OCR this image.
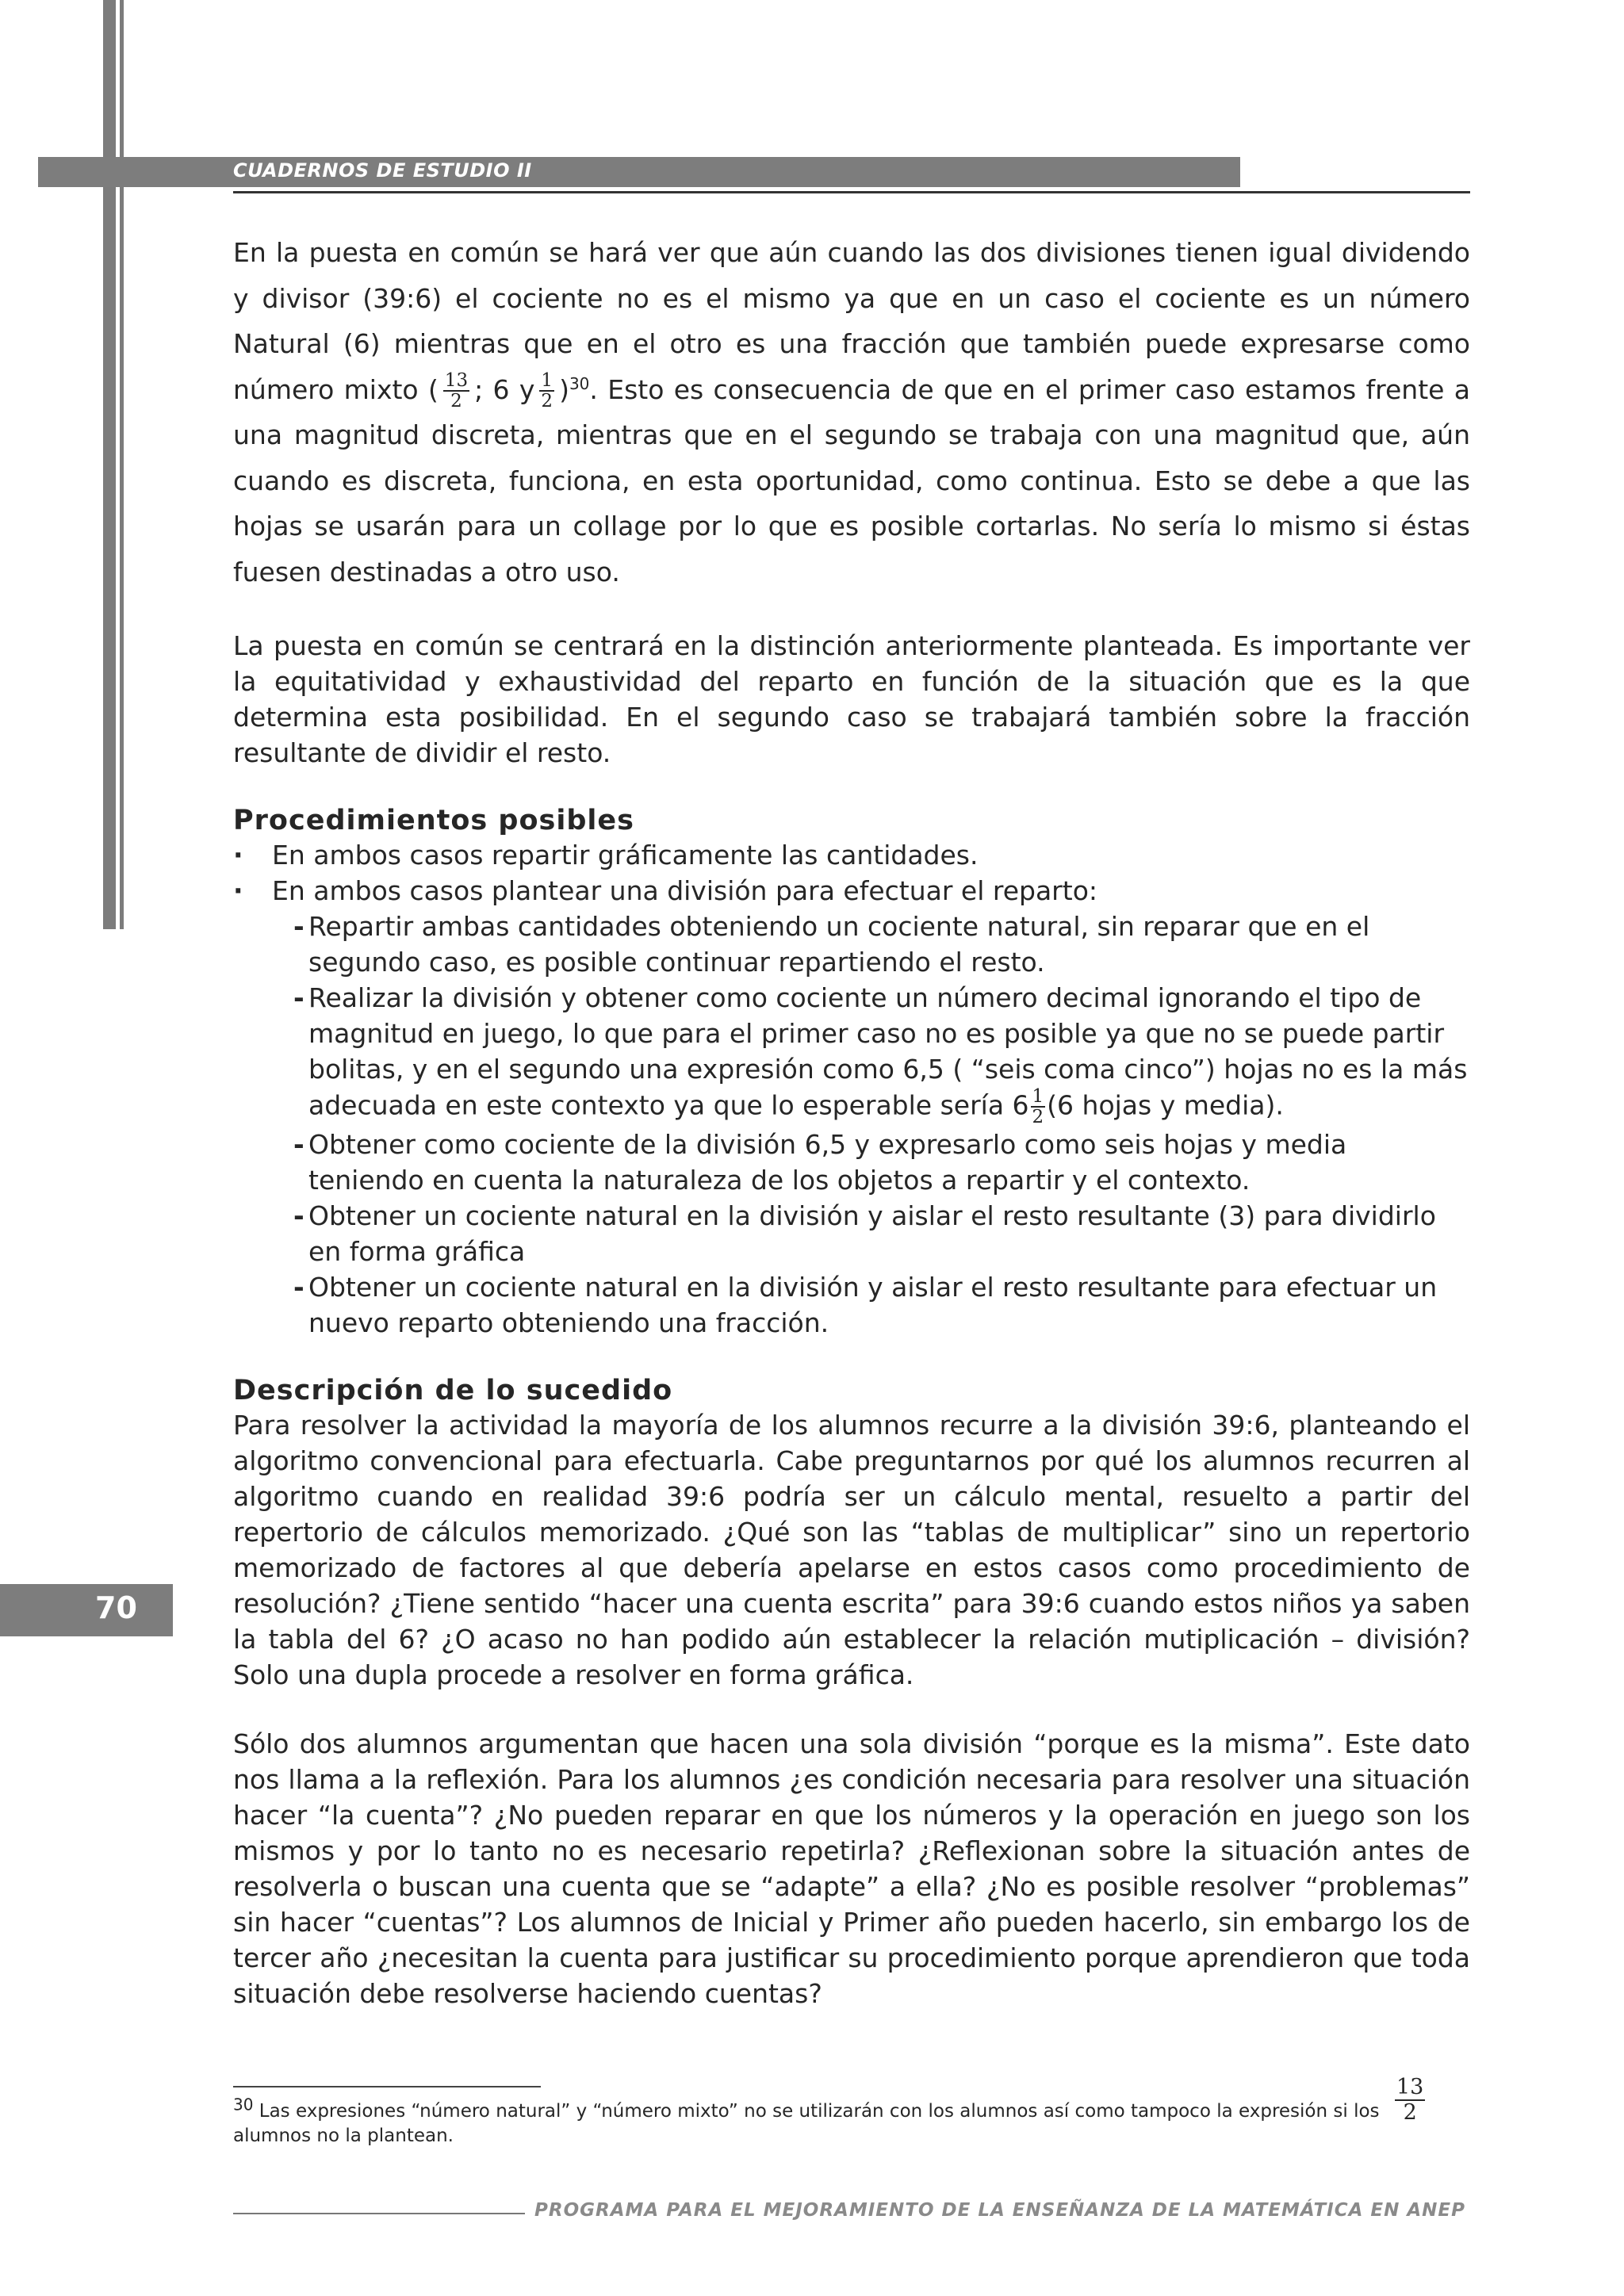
CUADERNOS DE ESTUDIO II

En la puesta en común se hará ver que aún cuando las dos divisiones tienen igual dividendo y divisor (39:6) el cociente no es el mismo ya que en un caso el cociente es un número Natural (6) mientras que en el otro es una fracción que también puede expresarse como número mixto ( $\frac{13}{2}$ ; 6 y $\frac{1}{2} )^{30}$. Esto es consecuencia de que en el primer caso estamos frente a una magnitud discreta, mientras que en el segundo se trabaja con una magnitud que, aún cuando es discreta, funciona, en esta oportunidad, como continua. Esto se debe a que las hojas se usarán para un collage por lo que es posible cortarlas. No sería lo mismo si éstas fuesen destinadas a otro uso.

La puesta en común se centrará en la distinción anteriormente planteada. Es importante ver la equitatividad y exhaustividad del reparto en función de la situación que es la que determina esta posibilidad. En el segundo caso se trabajará también sobre la fracción resultante de dividir el resto.

Procedimientos posibles
· En ambos casos repartir gráficamente las cantidades.
· En ambos casos plantear una división para efectuar el reparto:
- Repartir ambas cantidades obteniendo un cociente natural, sin reparar que en el segundo caso, es posible continuar repartiendo el resto.
- Realizar la división y obtener como cociente un número decimal ignorando el tipo de magnitud en juego, lo que para el primer caso no es posible ya que no se puede partir bolitas, y en el segundo una expresión como 6,5 ( “seis coma cinco”) hojas no es la más adecuada en este contexto ya que lo esperable sería $6 \frac{1}{2} (6$ hojas y media).
- Obtener como cociente de la división 6,5 y expresarlo como seis hojas y media teniendo en cuenta la naturaleza de los objetos a repartir y el contexto.
- Obtener un cociente natural en la división y aislar el resto resultante (3) para dividirlo en forma gráfica
- Obtener un cociente natural en la división y aislar el resto resultante para efectuar un nuevo reparto obteniendo una fracción.
Descripción de lo sucedido

Para resolver la actividad la mayoría de los alumnos recurre a la división 39:6, planteando el algoritmo convencional para efectuarla. Cabe preguntarnos por qué los alumnos recurren al algoritmo cuando en realidad 39:6 podría ser un cálculo mental, resuelto a partir del repertorio de cálculos memorizado. ¿Qué son las “tablas de multiplicar” sino un repertorio memorizado de factores al que debería apelarse en estos casos como procedimiento de resolución? ¿Tiene sentido “hacer una cuenta escrita” para 39:6 cuando estos niños ya saben la tabla del 6? ¿O acaso no han podido aún establecer la relación mutiplicación – división? Solo una dupla procede a resolver en forma gráfica.

Sólo dos alumnos argumentan que hacen una sola división “porque es la misma”. Este dato nos llama a la reflexión. Para los alumnos ¿es condición necesaria para resolver una situación hacer “la cuenta”? ¿No pueden reparar en que los números y la operación en juego son los mismos y por lo tanto no es necesario repetirla? ¿Reflexionan sobre la situación antes de resolverla o buscan una cuenta que se “adapte” a ella? ¿No es posible resolver “problemas” sin hacer “cuentas”? Los alumnos de Inicial y Primer año pueden hacerlo, sin embargo los de tercer año ¿necesitan la cuenta para justificar su procedimiento porque aprendieron que toda situación debe resolverse haciendo cuentas?

70
$^{30}$ Las expresiones “número natural” y “número mixto” no se utilizarán con los alumnos así como tampoco la expresión si los alumnos no la plantean.
$\frac{13}{2}$
PROGRAMA PARA EL MEJORAMIENTO DE LA ENSEÑANZA DE LA MATEMÁTICA EN ANEP
